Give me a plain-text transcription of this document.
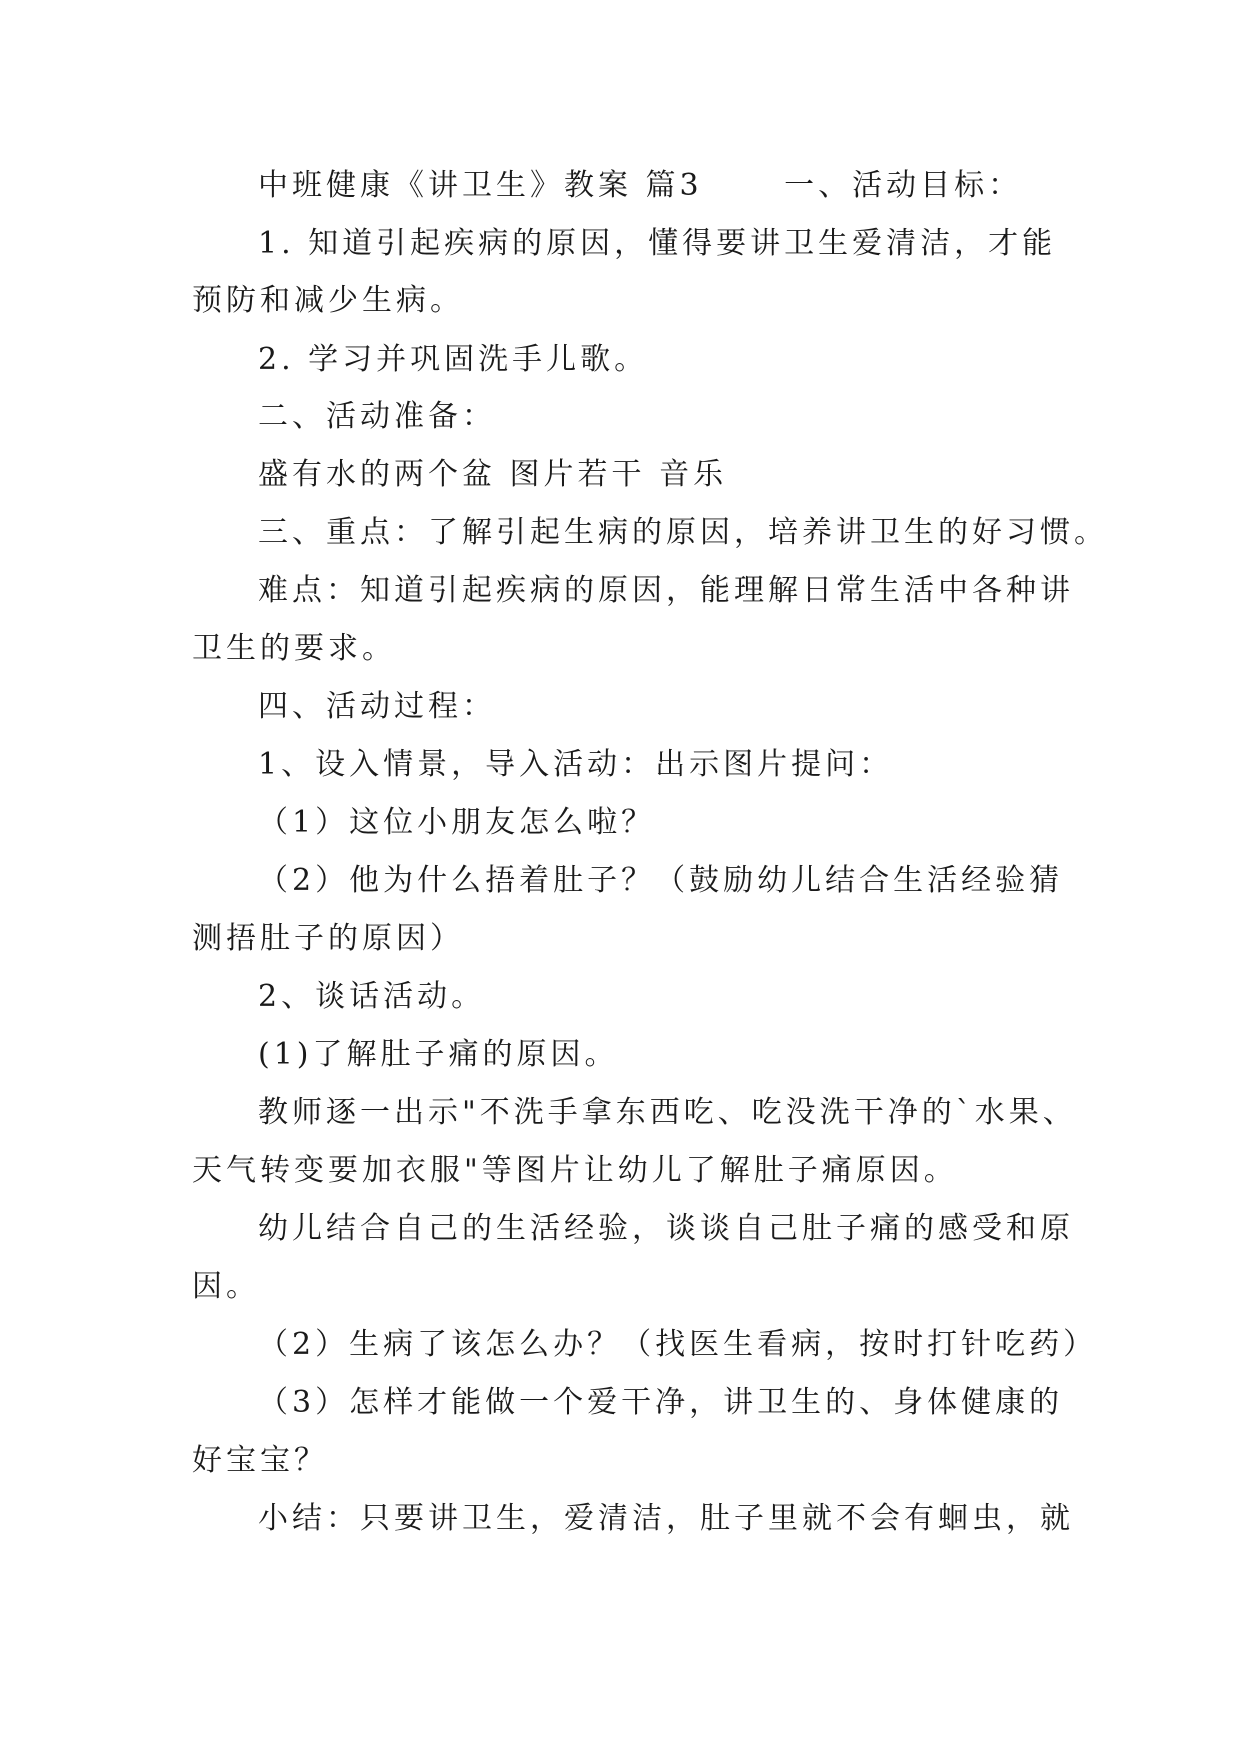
中班健康《讲卫生》教案 篇3 　　一、活动目标：
1. 知道引起疾病的原因，懂得要讲卫生爱清洁，才能
预防和减少生病。
2. 学习并巩固洗手儿歌。
二、活动准备：
盛有水的两个盆 图片若干 音乐
三、重点：了解引起生病的原因，培养讲卫生的好习惯。
难点：知道引起疾病的原因，能理解日常生活中各种讲
卫生的要求。
四、活动过程：
1、设入情景，导入活动：出示图片提问：
（1）这位小朋友怎么啦？
（2）他为什么捂着肚子？（鼓励幼儿结合生活经验猜
测捂肚子的原因）
2、谈话活动。
(1)了解肚子痛的原因。
教师逐一出示"不洗手拿东西吃、吃没洗干净的`水果、
天气转变要加衣服"等图片让幼儿了解肚子痛原因。
幼儿结合自己的生活经验，谈谈自己肚子痛的感受和原
因。
（2）生病了该怎么办？（找医生看病，按时打针吃药）
（3）怎样才能做一个爱干净，讲卫生的、身体健康的
好宝宝？
小结：只要讲卫生，爱清洁，肚子里就不会有蛔虫，就
